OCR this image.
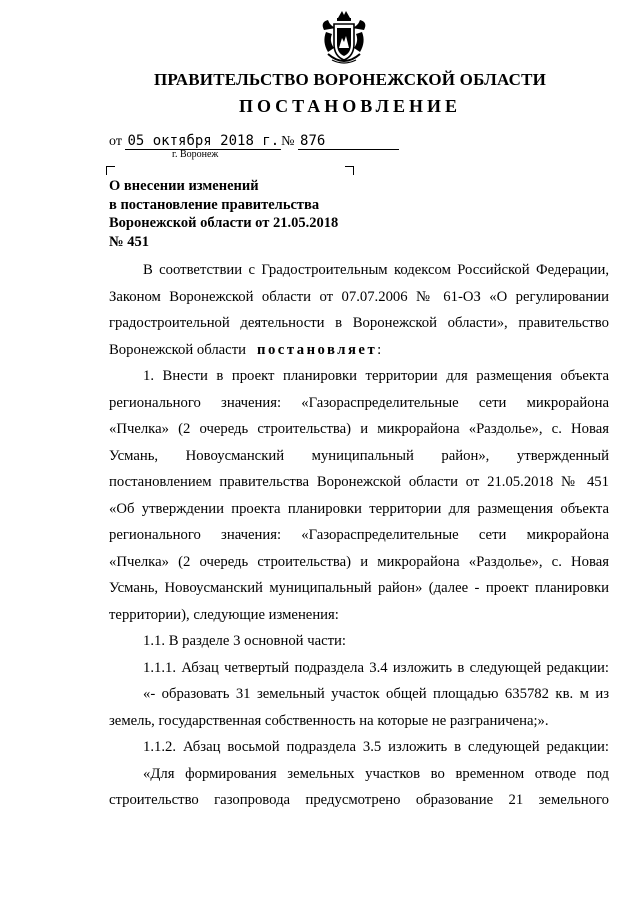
ПРАВИТЕЛЬСТВО ВОРОНЕЖСКОЙ ОБЛАСТИ
ПОСТАНОВЛЕНИЕ
от 05 октября 2018 г. № 876
г. Воронеж
О внесении изменений
в постановление правительства
Воронежской области от 21.05.2018
№ 451
В соответствии с Градостроительным кодексом Российской Федерации,
Законом Воронежской области от 07.07.2006 № 61-ОЗ «О регулировании
градостроительной деятельности в Воронежской области», правительство
Воронежской области постановляет:
1. Внести в проект планировки территории для размещения объекта
регионального значения: «Газораспределительные сети микрорайона
«Пчелка» (2 очередь строительства) и микрорайона «Раздолье», с. Новая
Усмань, Новоусманский муниципальный район», утвержденный
постановлением правительства Воронежской области от 21.05.2018 № 451
«Об утверждении проекта планировки территории для размещения объекта
регионального значения: «Газораспределительные сети микрорайона
«Пчелка» (2 очередь строительства) и микрорайона «Раздолье», с. Новая
Усмань, Новоусманский муниципальный район» (далее - проект планировки
территории), следующие изменения:
1.1. В разделе 3 основной части:
1.1.1. Абзац четвертый подраздела 3.4 изложить в следующей редакции:
«- образовать 31 земельный участок общей площадью 635782 кв. м из
земель, государственная собственность на которые не разграничена;».
1.1.2. Абзац восьмой подраздела 3.5 изложить в следующей редакции:
«Для формирования земельных участков во временном отводе под
строительство газопровода предусмотрено образование 21 земельного
